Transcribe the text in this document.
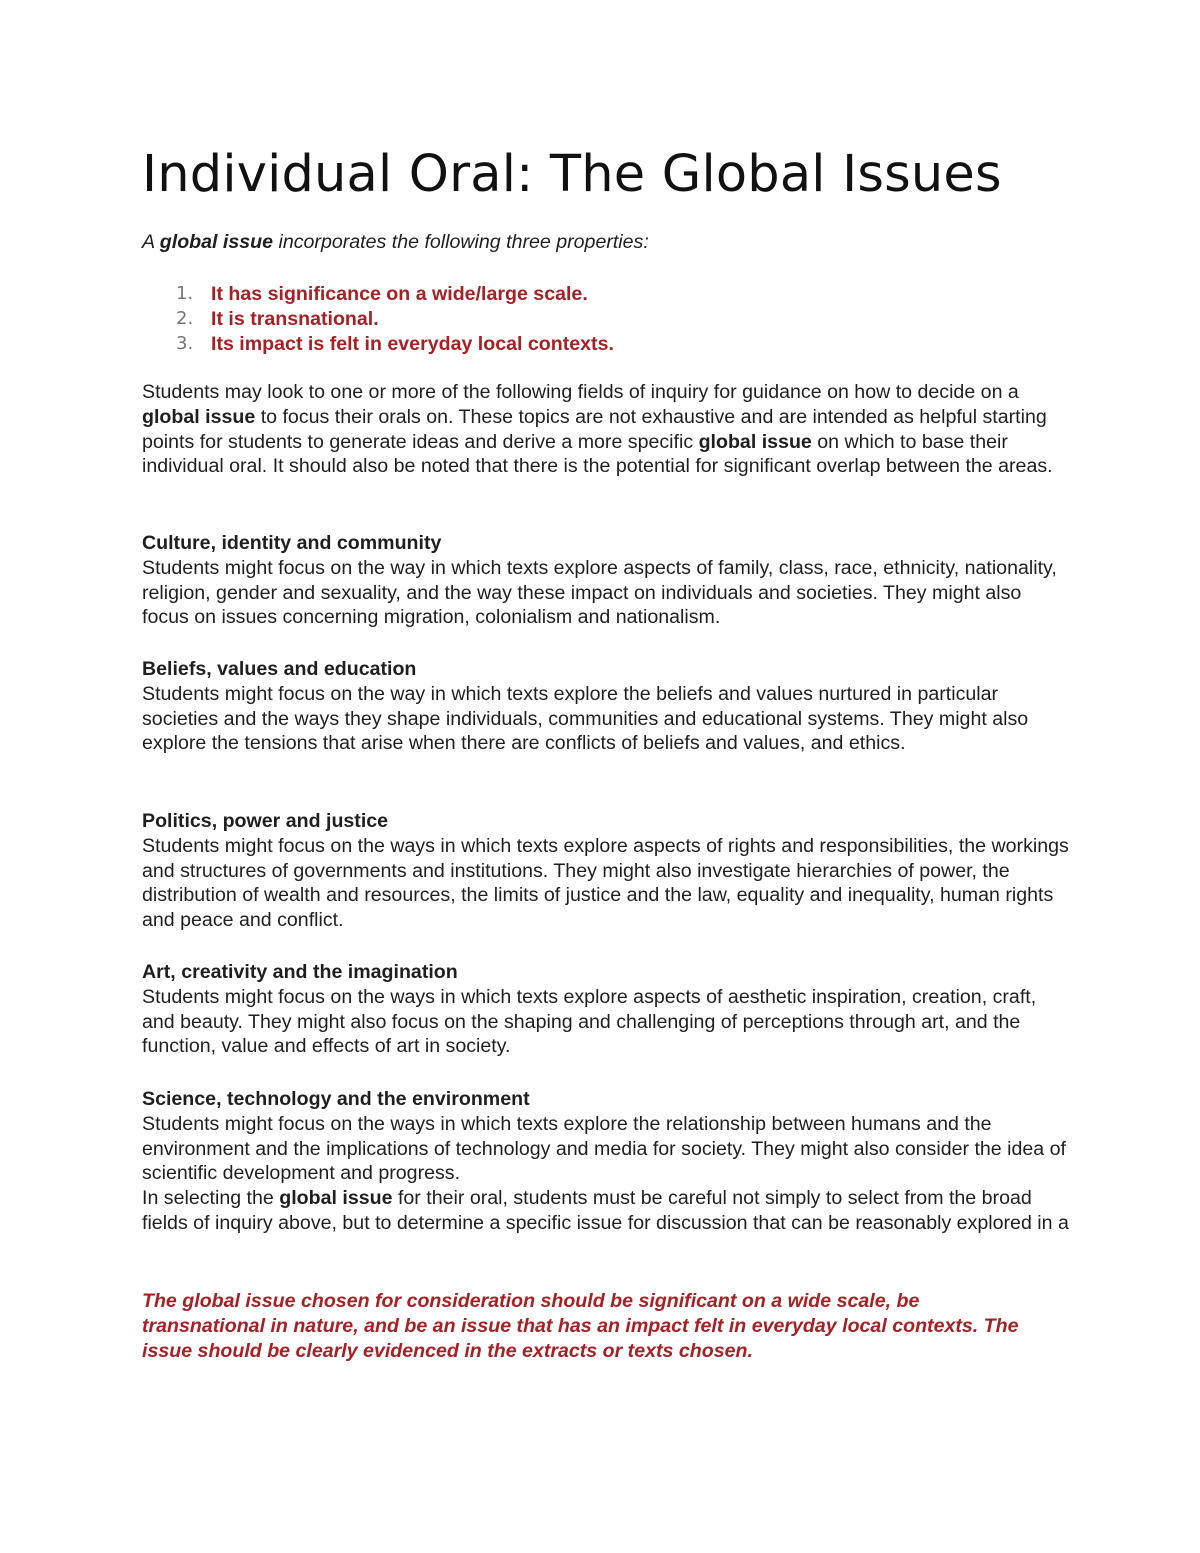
Individual Oral: The Global Issues

A global issue incorporates the following three properties:

1. It has significance on a wide/large scale.
2. It is transnational.
3. Its impact is felt in everyday local contexts.

Students may look to one or more of the following fields of inquiry for guidance on how to decide on a global issue to focus their orals on. These topics are not exhaustive and are intended as helpful starting points for students to generate ideas and derive a more specific global issue on which to base their individual oral. It should also be noted that there is the potential for significant overlap between the areas.

Culture, identity and community
Students might focus on the way in which texts explore aspects of family, class, race, ethnicity, nationality, religion, gender and sexuality, and the way these impact on individuals and societies. They might also focus on issues concerning migration, colonialism and nationalism.
Beliefs, values and education
Students might focus on the way in which texts explore the beliefs and values nurtured in particular societies and the ways they shape individuals, communities and educational systems. They might also explore the tensions that arise when there are conflicts of beliefs and values, and ethics.
Politics, power and justice
Students might focus on the ways in which texts explore aspects of rights and responsibilities, the workings and structures of governments and institutions. They might also investigate hierarchies of power, the distribution of wealth and resources, the limits of justice and the law, equality and inequality, human rights and peace and conflict.
Art, creativity and the imagination
Students might focus on the ways in which texts explore aspects of aesthetic inspiration, creation, craft, and beauty. They might also focus on the shaping and challenging of perceptions through art, and the function, value and effects of art in society.
Science, technology and the environment
Students might focus on the ways in which texts explore the relationship between humans and the environment and the implications of technology and media for society. They might also consider the idea of scientific development and progress.
In selecting the global issue for their oral, students must be careful not simply to select from the broad fields of inquiry above, but to determine a specific issue for discussion that can be reasonably explored in a

The global issue chosen for consideration should be significant on a wide scale, be transnational in nature, and be an issue that has an impact felt in everyday local contexts. The issue should be clearly evidenced in the extracts or texts chosen.
